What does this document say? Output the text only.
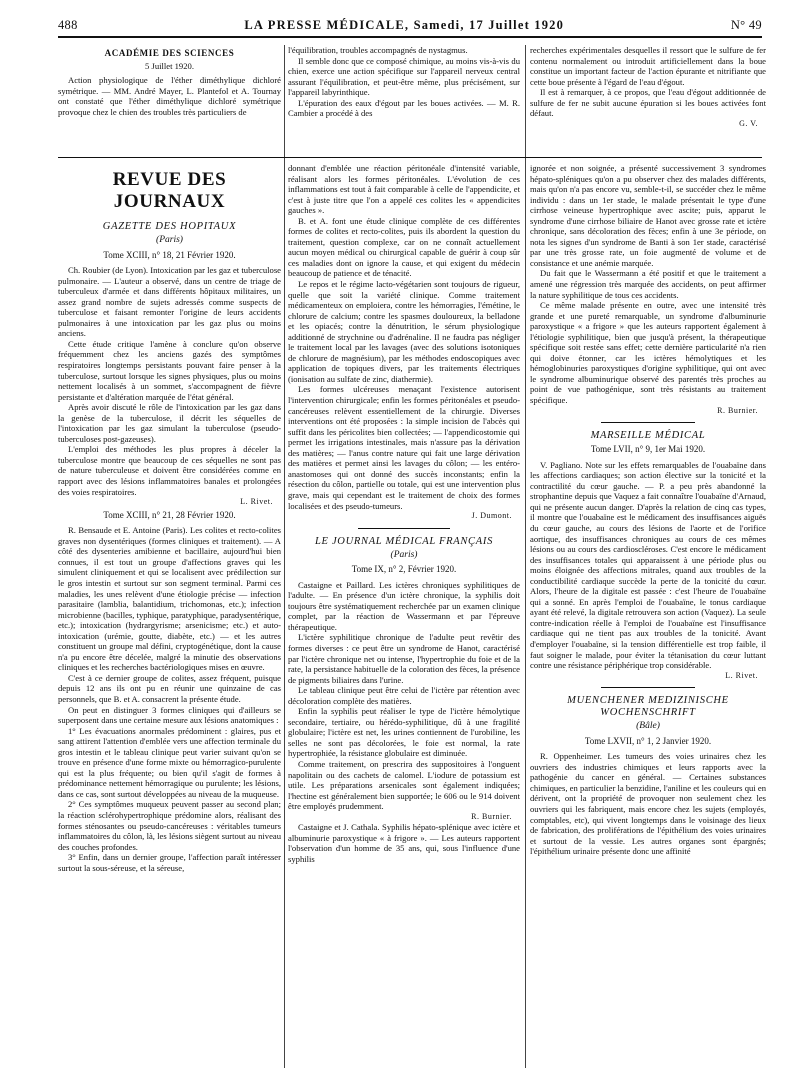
488	LA PRESSE MÉDICALE, Samedi, 17 Juillet 1920	N° 49
ACADÉMIE DES SCIENCES
5 Juillet 1920.

Action physiologique de l'éther diméthylique dichloré symétrique. — MM. André Mayer, L. Plantefol et A. Tournay ont constaté que l'éther diméthylique dichloré symétrique provoque chez le chien des troubles très particuliers de

l'équilibration, troubles accompagnés de nystagmus.

Il semble donc que ce composé chimique, au moins vis-à-vis du chien, exerce une action spécifique sur l'appareil nerveux central assurant l'équilibration, et peut-être même, plus précisément, sur l'appareil labyrinthique.

L'épuration des eaux d'égout par les boues activées. — M. R. Cambier a procédé à des

recherches expérimentales desquelles il ressort que le sulfure de fer contenu normalement ou introduit artificiellement dans la boue constitue un important facteur de l'action épurante et nitrifiante que cette boue présente à l'égard de l'eau d'égout.

Il est à remarquer, à ce propos, que l'eau d'égout additionnée de sulfure de fer ne subit aucune épuration si les boues activées font défaut.

G. V.
REVUE DES JOURNAUX
GAZETTE DES HOPITAUX
(Paris)
Tome XCIII, n° 18, 21 Février 1920.

Ch. Roubier (de Lyon). Intoxication par les gaz et tuberculose pulmonaire. — L'auteur a observé, dans un centre de triage de tuberculeux d'armée et dans différents hôpitaux militaires, un assez grand nombre de sujets adressés comme suspects de tuberculose et faisant remonter l'origine de leurs accidents pulmonaires à une intoxication par les gaz plus ou moins anciens.

Cette étude critique l'amène à conclure qu'on observe fréquemment chez les anciens gazés des symptômes respiratoires longtemps persistants pouvant faire penser à la tuberculose, surtout lorsque les signes physiques, plus ou moins nettement localisés à un sommet, s'accompagnent de fièvre persistante et d'altération marquée de l'état général.

Après avoir discuté le rôle de l'intoxication par les gaz dans la genèse de la tuberculose, il décrit les séquelles de l'intoxication par les gaz simulant la tuberculose (pseudo-tuberculoses post-gazeuses).

L'emploi des méthodes les plus propres à déceler la tuberculose montre que beaucoup de ces séquelles ne sont pas de nature tuberculeuse et doivent être considérées comme en rapport avec des lésions inflammatoires banales et prolongées des voies respiratoires.

L. Rivet.
Tome XCIII, n° 21, 28 Février 1920.

R. Bensaude et E. Antoine (Paris). Les colites et recto-colites graves non dysentériques (formes cliniques et traitement). — A côté des dysenteries amibienne et bacillaire, aujourd'hui bien connues, il est tout un groupe d'affections graves qui les simulent cliniquement et qui se localisent avec prédilection sur le gros intestin et surtout sur son segment terminal. Parmi ces maladies, les unes relèvent d'une étiologie précise — infection parasitaire (lamblia, balantidium, trichomonas, etc.); infection microbienne (bacilles, typhique, paratyphique, paradysentérique, etc.); intoxication (hydrargyrisme; arsenicisme; etc.) et auto-intoxication (urémie, goutte, diabète, etc.) — et les autres constituent un groupe mal défini, cryptogénétique, dont la cause n'a pu encore être décelée, malgré la minutie des observations cliniques et les recherches bactériologiques mises en œuvre.

C'est à ce dernier groupe de colites, assez fréquent, puisque depuis 12 ans ils ont pu en réunir une quinzaine de cas personnels, que B. et A. consacrent la présente étude.

On peut en distinguer 3 formes cliniques qui d'ailleurs se superposent dans une certaine mesure aux lésions anatomiques :

1° Les évacuations anormales prédominent : glaires, pus et sang attirent l'attention d'emblée vers une affection terminale du gros intestin et le tableau clinique peut varier suivant qu'on se trouve en présence d'une forme mixte ou hémorragico-purulente qui est la plus fréquente; ou bien qu'il s'agit de formes à prédominance nettement hémorragique ou purulente; les lésions, dans ce cas, sont surtout développées au niveau de la muqueuse.

2° Ces symptômes muqueux peuvent passer au second plan; la réaction sclérohypertrophique prédomine alors, réalisant des formes sténosantes ou pseudo-cancéreuses : véritables tumeurs inflammatoires du côlon, là, les lésions siègent surtout au niveau des couches profondes.

3° Enfin, dans un dernier groupe, l'affection paraît intéresser surtout la sous-séreuse, et la séreuse,

donnant d'emblée une réaction péritonéale d'intensité variable, réalisant alors les formes péritonéales. L'évolution de ces inflammations est tout à fait comparable à celle de l'appendicite, et c'est à juste titre que l'on a appelé ces colites les « appendicites gauches ».

B. et A. font une étude clinique complète de ces différentes formes de colites et recto-colites, puis ils abordent la question du traitement, question complexe, car on ne connaît actuellement aucun moyen médical ou chirurgical capable de guérir à coup sûr ces maladies dont on ignore la cause, et qui exigent du médecin beaucoup de patience et de ténacité.

Le repos et le régime lacto-végétarien sont toujours de rigueur, quelle que soit la variété clinique. Comme traitement médicamenteux on emploiera, contre les hémorragies, l'émétine, le chlorure de calcium; contre les spasmes douloureux, la belladone et les opiacés; contre la dénutrition, le sérum physiologique additionné de strychnine ou d'adrénaline. Il ne faudra pas négliger le traitement local par les lavages (avec des solutions isotoniques de chlorure de magnésium), par les méthodes endoscopiques avec application de topiques divers, par les traitements électriques (ionisation au sulfate de zinc, diathermie).

Les formes ulcéreuses menaçant l'existence autorisent l'intervention chirurgicale; enfin les formes péritonéales et pseudo-cancéreuses relèvent essentiellement de la chirurgie. Diverses interventions ont été proposées : la simple incision de l'abcès qui suffit dans les péricolites bien collectées; — l'appendicostomie qui permet les irrigations intestinales, mais n'assure pas la dérivation des matières; — l'anus contre nature qui fait une large dérivation des matières et permet ainsi les lavages du côlon; — les entéro-anastomoses qui ont donné des succès inconstants; enfin la résection du côlon, partielle ou totale, qui est une intervention plus grave, mais qui cependant est le traitement de choix des formes localisées et des pseudo-tumeurs.

J. Dumont.
LE JOURNAL MÉDICAL FRANÇAIS
(Paris)
Tome IX, n° 2, Février 1920.

Castaigne et Paillard. Les ictères chroniques syphilitiques de l'adulte. — En présence d'un ictère chronique, la syphilis doit toujours être systématiquement recherchée par un examen clinique complet, par la réaction de Wassermann et par l'épreuve thérapeutique.

L'ictère syphilitique chronique de l'adulte peut revêtir des formes diverses : ce peut être un syndrome de Hanot, caractérisé par l'ictère chronique net ou intense, l'hypertrophie du foie et de la rate, la persistance habituelle de la coloration des fèces, la présence de pigments biliaires dans l'urine.

Le tableau clinique peut être celui de l'ictère par rétention avec décoloration complète des matières.

Enfin la syphilis peut réaliser le type de l'ictère hémolytique secondaire, tertiaire, ou hérédo-syphilitique, dû à une fragilité globulaire; l'ictère est net, les urines contiennent de l'urobiline, les selles ne sont pas décolorées, le foie est normal, la rate hypertrophiée, la résistance globulaire est diminuée.

Comme traitement, on prescrira des suppositoires à l'onguent napolitain ou des cachets de calomel. L'iodure de potassium est utile. Les préparations arsenicales sont également indiquées; l'hectine est généralement bien supportée; le 606 ou le 914 doivent être employés prudemment.

R. Burnier.

Castaigne et J. Cathala. Syphilis hépato-splénique avec ictère et albuminurie paroxystique « à frigore ». — Les auteurs rapportent l'observation d'un homme de 35 ans, qui, sous l'influence d'une syphilis

ignorée et non soignée, a présenté successivement 3 syndromes hépato-spléniques qu'on a pu observer chez des malades différents, mais qu'on n'a pas encore vu, semble-t-il, se succéder chez le même individu : dans un 1er stade, le malade présentait le type d'une cirrhose veineuse hypertrophique avec ascite; puis, apparut le syndrome d'une cirrhose biliaire de Hanot avec grosse rate et ictère chronique, sans décoloration des fèces; enfin à une 3e période, on nota les signes d'un syndrome de Banti à son 1er stade, caractérisé par une très grosse rate, un foie augmenté de volume et de consistance et une anémie marquée.

Du fait que le Wassermann a été positif et que le traitement a amené une régression très marquée des accidents, on peut affirmer la nature syphilitique de tous ces accidents.

Ce même malade présente en outre, avec une intensité très grande et une pureté remarquable, un syndrome d'albuminurie paroxystique « a frigore » que les auteurs rapportent également à l'étiologie syphilitique, bien que jusqu'à présent, la thérapeutique spécifique soit restée sans effet; cette dernière particularité n'a rien qui doive étonner, car les ictères hémolytiques et les hémoglobinuries paroxystiques d'origine syphilitique, qui ont avec le syndrome albuminurique observé des parentés très proches au point de vue pathogénique, sont très résistants au traitement spécifique.

R. Burnier.
MARSEILLE MÉDICAL
Tome LVII, n° 9, 1er Mai 1920.

V. Pagliano. Note sur les effets remarquables de l'ouabaïne dans les affections cardiaques; son action élective sur la tonicité et la contractilité du cœur gauche. — P. a peu près abandonné la strophantine depuis que Vaquez a fait connaître l'ouabaïne d'Arnaud, qui ne présente aucun danger. D'après la relation de cinq cas types, il montre que l'ouabaïne est le médicament des insuffisances aiguës du cœur gauche, au cours des lésions de l'aorte et de l'orifice aortique, des insuffisances chroniques au cours de ces mêmes lésions ou au cours des cardioscléroses. C'est encore le médicament des insuffisances totales qui apparaissent à une période plus ou moins éloignée des affections mitrales, quand aux troubles de la conductibilité cardiaque succède la perte de la tonicité du cœur. Alors, l'heure de la digitale est passée : c'est l'heure de l'ouabaïne qui a sonné. En après l'emploi de l'ouabaïne, le tonus cardiaque ayant été relevé, la digitale retrouvera son action (Vaquez). La seule contre-indication réelle à l'emploi de l'ouabaïne est l'insuffisance cardiaque qui ne tient pas aux troubles de la tonicité. Avant d'employer l'ouabaïne, si la tension différentielle est trop faible, il faut soigner le malade, pour éviter la tétanisation du cœur luttant contre une résistance périphérique trop considérable.

L. Rivet.
MUENCHENER MEDIZINISCHE WOCHENSCHRIFT
(Bâle)
Tome LXVII, n° 1, 2 Janvier 1920.

R. Oppenheimer. Les tumeurs des voies urinaires chez les ouvriers des industries chimiques et leurs rapports avec la pathogénie du cancer en général. — Certaines substances chimiques, en particulier la benzidine, l'aniline et les couleurs qui en dérivent, ont la propriété de provoquer non seulement chez les ouvriers qui les fabriquent, mais encore chez les sujets (employés, comptables, etc), qui vivent longtemps dans le voisinage des lieux de fabrication, des proliférations de l'épithélium des voies urinaires et surtout de la vessie. Les autres organes sont épargnés; l'épithélium urinaire présente donc une affinité
